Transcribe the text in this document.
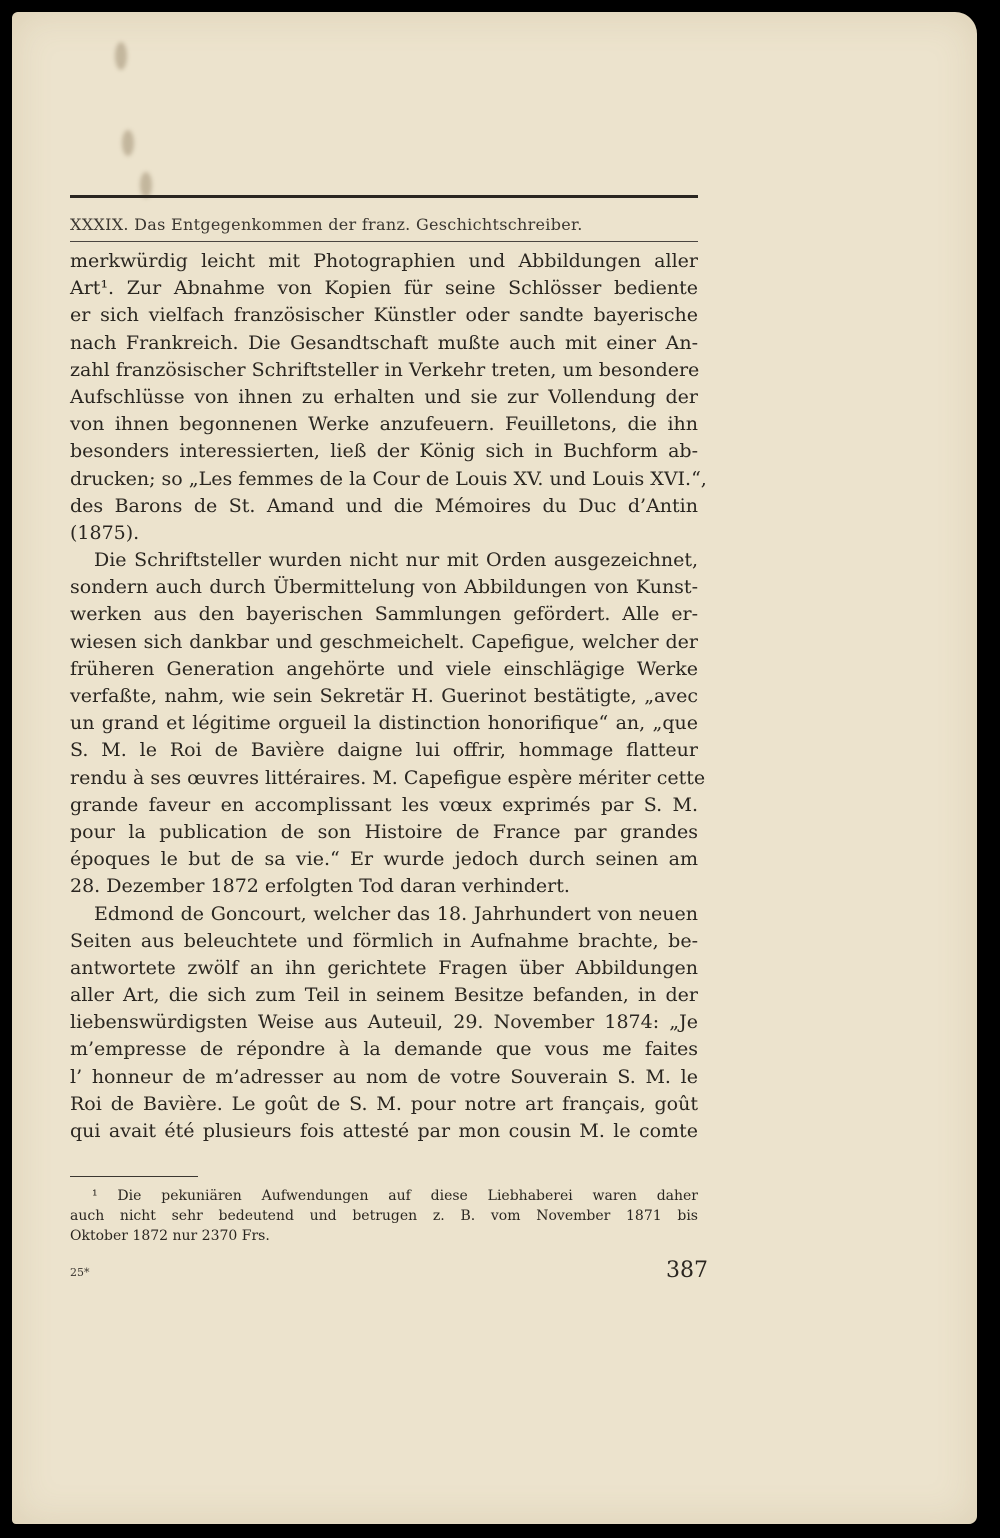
XXXIX. Das Entgegenkommen der franz. Geschichtschreiber.
merkwürdig leicht mit Photographien und Abbildungen aller
Art¹. Zur Abnahme von Kopien für seine Schlösser bediente
er sich vielfach französischer Künstler oder sandte bayerische
nach Frankreich. Die Gesandtschaft mußte auch mit einer An-
zahl französischer Schriftsteller in Verkehr treten, um besondere
Aufschlüsse von ihnen zu erhalten und sie zur Vollendung der
von ihnen begonnenen Werke anzufeuern. Feuilletons, die ihn
besonders interessierten, ließ der König sich in Buchform ab-
drucken; so „Les femmes de la Cour de Louis XV. und Louis XVI.“,
des Barons de St. Amand und die Mémoires du Duc d’Antin
(1875).
Die Schriftsteller wurden nicht nur mit Orden ausgezeichnet,
sondern auch durch Übermittelung von Abbildungen von Kunst-
werken aus den bayerischen Sammlungen gefördert. Alle er-
wiesen sich dankbar und geschmeichelt. Capefigue, welcher der
früheren Generation angehörte und viele einschlägige Werke
verfaßte, nahm, wie sein Sekretär H. Guerinot bestätigte, „avec
un grand et légitime orgueil la distinction honorifique“ an, „que
S. M. le Roi de Bavière daigne lui offrir, hommage flatteur
rendu à ses œuvres littéraires. M. Capefigue espère mériter cette
grande faveur en accomplissant les vœux exprimés par S. M.
pour la publication de son Histoire de France par grandes
époques le but de sa vie.“ Er wurde jedoch durch seinen am
28. Dezember 1872 erfolgten Tod daran verhindert.
Edmond de Goncourt, welcher das 18. Jahrhundert von neuen
Seiten aus beleuchtete und förmlich in Aufnahme brachte, be-
antwortete zwölf an ihn gerichtete Fragen über Abbildungen
aller Art, die sich zum Teil in seinem Besitze befanden, in der
liebenswürdigsten Weise aus Auteuil, 29. November 1874: „Je
m’empresse de répondre à la demande que vous me faites
l’ honneur de m’adresser au nom de votre Souverain S. M. le
Roi de Bavière. Le goût de S. M. pour notre art français, goût
qui avait été plusieurs fois attesté par mon cousin M. le comte
¹ Die pekuniären Aufwendungen auf diese Liebhaberei waren daher
auch nicht sehr bedeutend und betrugen z. B. vom November 1871 bis
Oktober 1872 nur 2370 Frs.
25*	387
